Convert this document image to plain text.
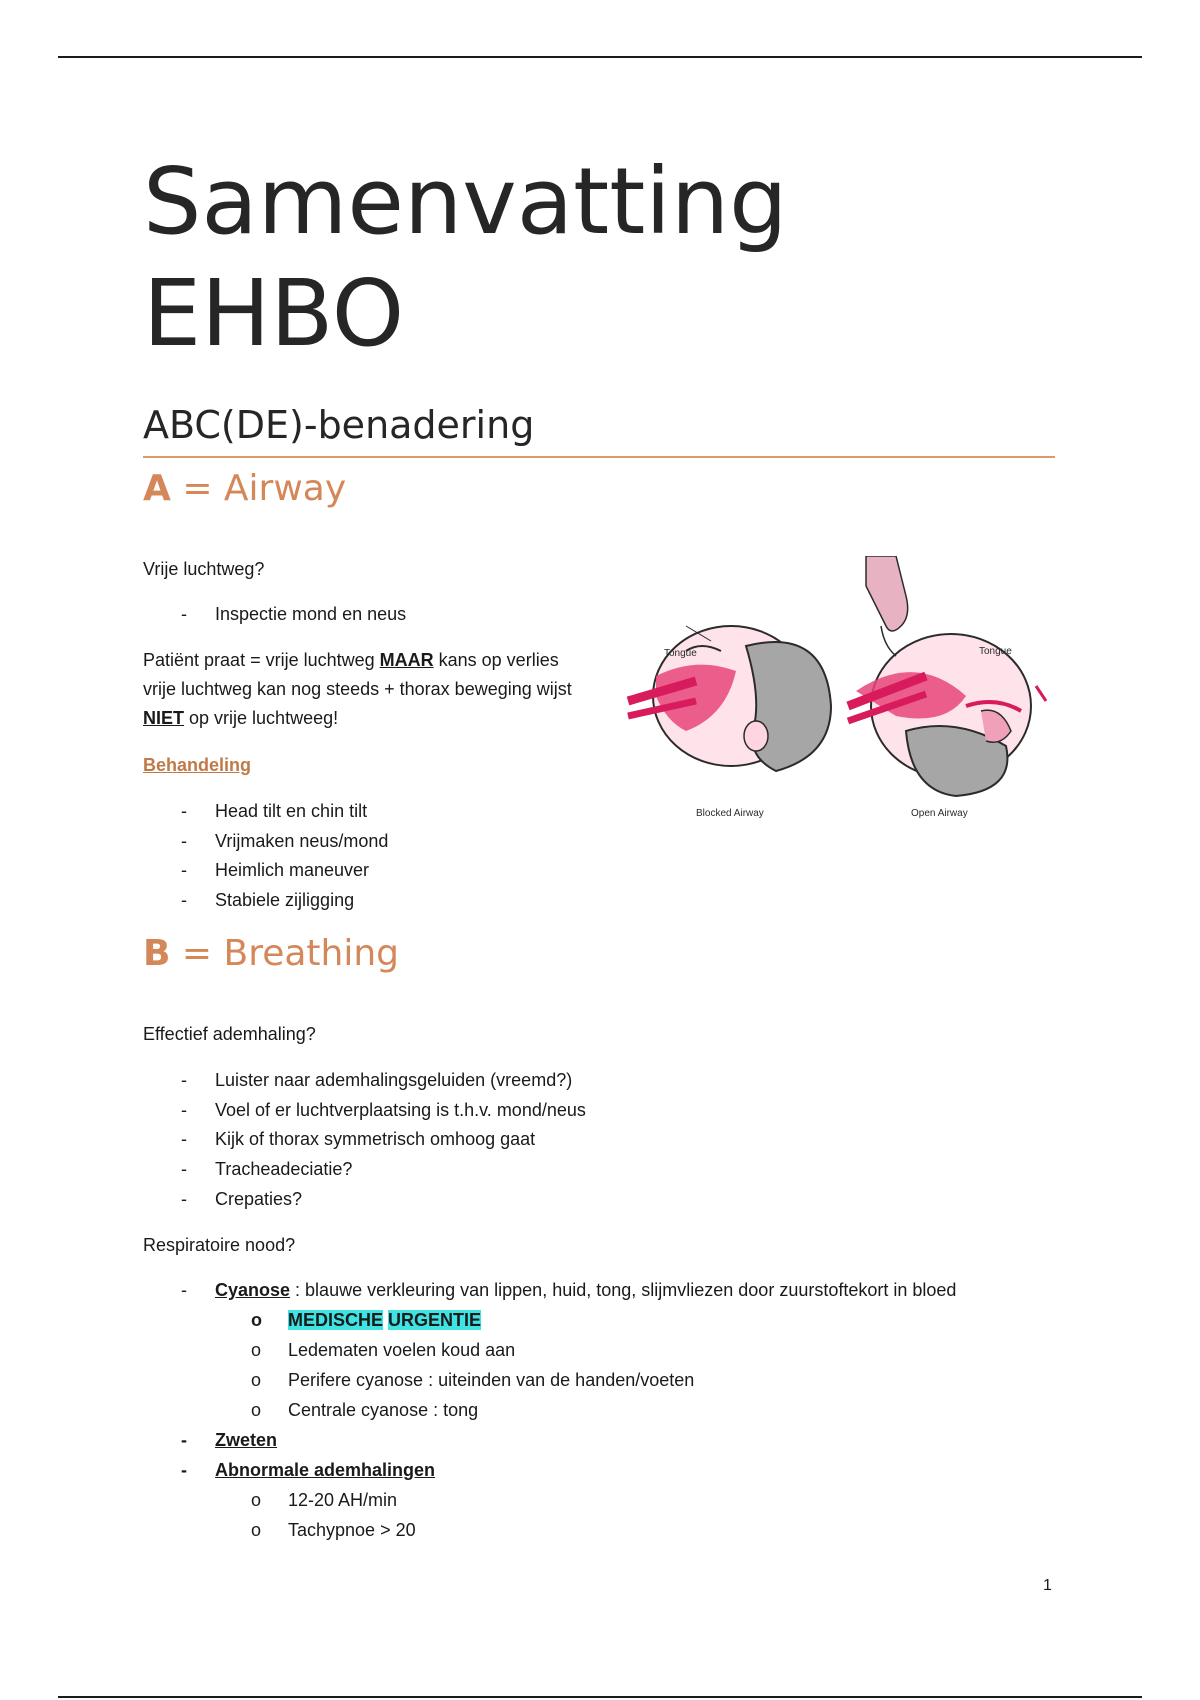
Samenvatting
EHBO
ABC(DE)-benadering
A = Airway
Vrije luchtweg?
- Inspectie mond en neus
Patiënt praat = vrije luchtweg MAAR kans op verlies vrije luchtweg kan nog steeds + thorax beweging wijst NIET op vrije luchtweeg!
Behandeling
- Head tilt en chin tilt
- Vrijmaken neus/mond
- Heimlich maneuver
- Stabiele zijligging
Tongue
Blocked Airway
Tongue
Open Airway
B = Breathing
Effectief ademhaling?
- Luister naar ademhalingsgeluiden (vreemd?)
- Voel of er luchtverplaatsing is t.h.v. mond/neus
- Kijk of thorax symmetrisch omhoog gaat
- Tracheadeciatie?
- Crepaties?
Respiratoire nood?
- Cyanose : blauwe verkleuring van lippen, huid, tong, slijmvliezen door zuurstoftekort in bloed
o MEDISCHE URGENTIE
o Ledematen voelen koud aan
o Perifere cyanose : uiteinden van de handen/voeten
o Centrale cyanose : tong
- Zweten
- Abnormale ademhalingen
o 12-20 AH/min
o Tachypnoe > 20
1
